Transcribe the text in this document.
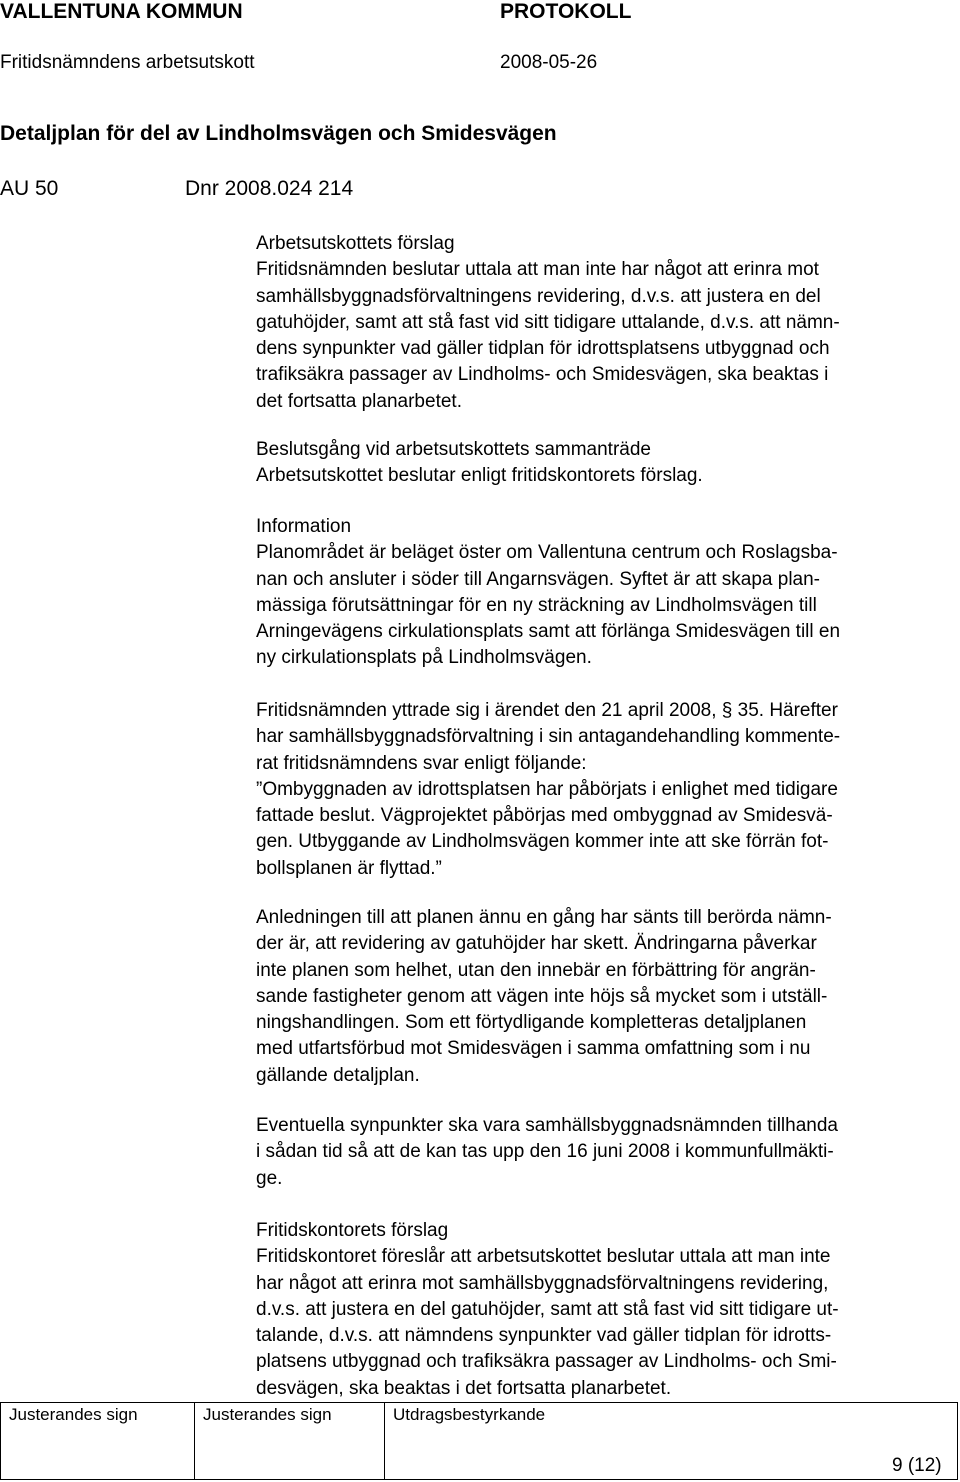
VALLENTUNA KOMMUN	PROTOKOLL
Fritidsnämndens arbetsutskott	2008-05-26
Detaljplan för del av Lindholmsvägen och Smidesvägen
AU 50	Dnr 2008.024 214
Arbetsutskottets förslag
Fritidsnämnden beslutar uttala att man inte har något att erinra mot
samhällsbyggnadsförvaltningens revidering, d.v.s. att justera en del
gatuhöjder, samt att stå fast vid sitt tidigare uttalande, d.v.s. att nämn-
dens synpunkter vad gäller tidplan för idrottsplatsens utbyggnad och
trafiksäkra passager av Lindholms- och Smidesvägen, ska beaktas i
det fortsatta planarbetet.
Beslutsgång vid arbetsutskottets sammanträde
Arbetsutskottet beslutar enligt fritidskontorets förslag.
Information
Planområdet är beläget öster om Vallentuna centrum och Roslagsba-
nan och ansluter i söder till Angarnsvägen. Syftet är att skapa plan-
mässiga förutsättningar för en ny sträckning av Lindholmsvägen till
Arningevägens cirkulationsplats samt att förlänga Smidesvägen till en
ny cirkulationsplats på Lindholmsvägen.
Fritidsnämnden yttrade sig i ärendet den 21 april 2008, § 35. Härefter
har samhällsbyggnadsförvaltning i sin antagandehandling kommente-
rat fritidsnämndens svar enligt följande:
”Ombyggnaden av idrottsplatsen har påbörjats i enlighet med tidigare
fattade beslut. Vägprojektet påbörjas med ombyggnad av Smidesvä-
gen. Utbyggande av Lindholmsvägen kommer inte att ske förrän fot-
bollsplanen är flyttad.”
Anledningen till att planen ännu en gång har sänts till berörda nämn-
der är, att revidering av gatuhöjder har skett. Ändringarna påverkar
inte planen som helhet, utan den innebär en förbättring för angrän-
sande fastigheter genom att vägen inte höjs så mycket som i utställ-
ningshandlingen. Som ett förtydligande kompletteras detaljplanen
med utfartsförbud mot Smidesvägen i samma omfattning som i nu
gällande detaljplan.
Eventuella synpunkter ska vara samhällsbyggnadsnämnden tillhanda
i sådan tid så att de kan tas upp den 16 juni 2008 i kommunfullmäkti-
ge.
Fritidskontorets förslag
Fritidskontoret föreslår att arbetsutskottet beslutar uttala att man inte
har något att erinra mot samhällsbyggnadsförvaltningens revidering,
d.v.s. att justera en del gatuhöjder, samt att stå fast vid sitt tidigare ut-
talande, d.v.s. att nämndens synpunkter vad gäller tidplan för idrotts-
platsens utbyggnad och trafiksäkra passager av Lindholms- och Smi-
desvägen, ska beaktas i det fortsatta planarbetet.
Justerandes sign	Justerandes sign	Utdragsbestyrkande
9 (12)
